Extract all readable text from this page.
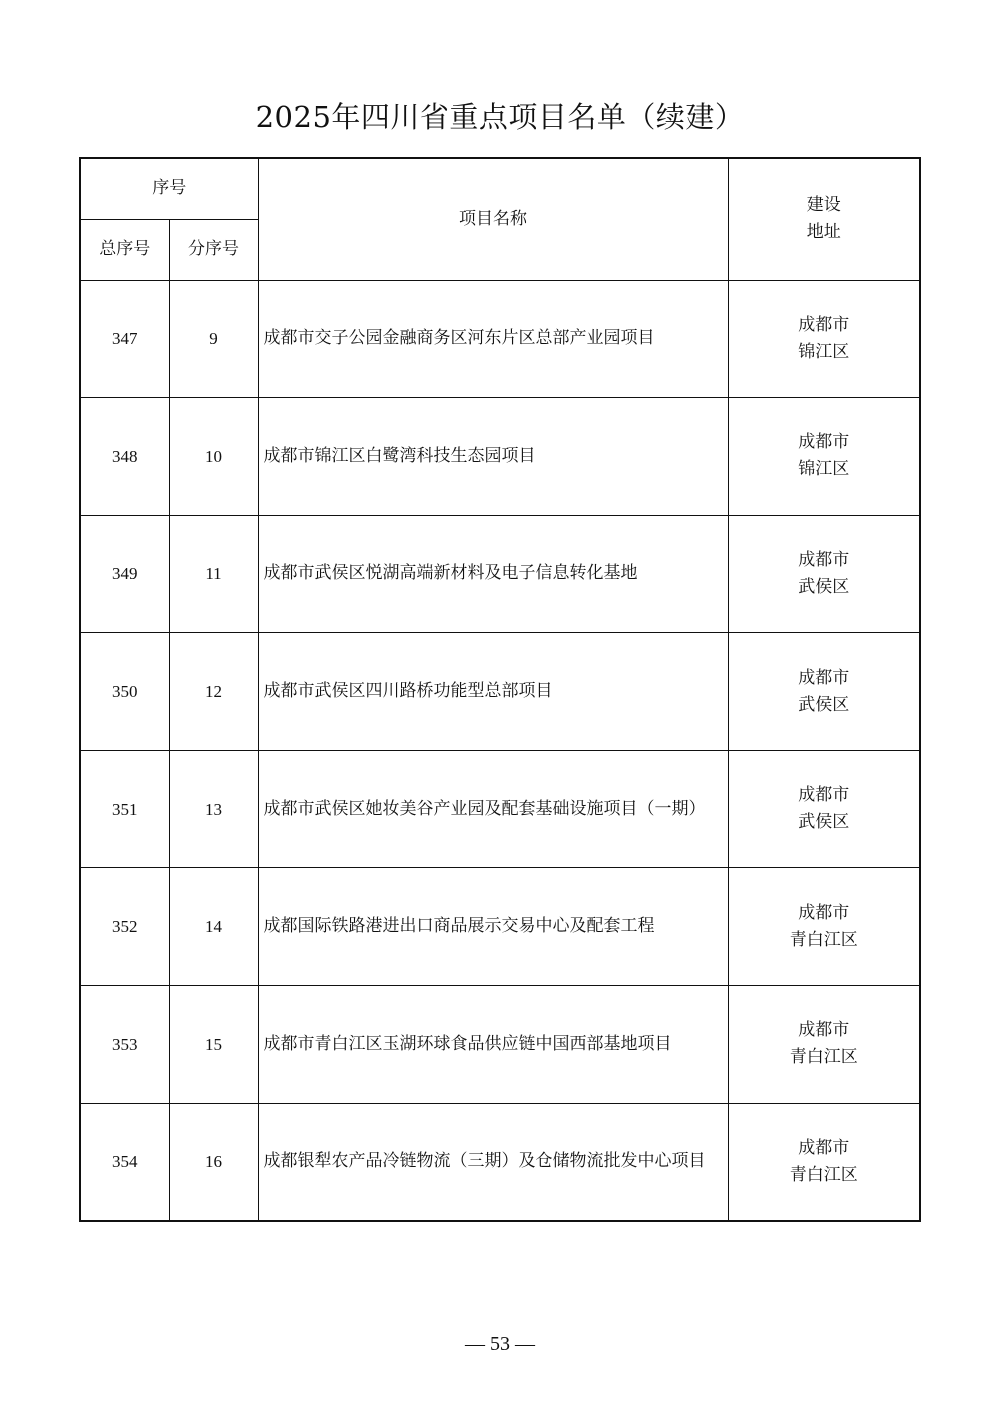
2025年四川省重点项目名单（续建）
序号		项目名称	建设
地址

总序号	分序号		
347	9	成都市交子公园金融商务区河东片区总部产业园项目	成都市
锦江区

348	10	成都市锦江区白鹭湾科技生态园项目	成都市
锦江区

349	11	成都市武侯区悦湖高端新材料及电子信息转化基地	成都市
武侯区

350	12	成都市武侯区四川路桥功能型总部项目	成都市
武侯区

351	13	成都市武侯区她妆美谷产业园及配套基础设施项目（一期）	成都市
武侯区

352	14	成都国际铁路港进出口商品展示交易中心及配套工程	成都市
青白江区

353	15	成都市青白江区玉湖环球食品供应链中国西部基地项目	成都市
青白江区

354	16	成都银犁农产品冷链物流（三期）及仓储物流批发中心项目	成都市
青白江区
— 53 —
